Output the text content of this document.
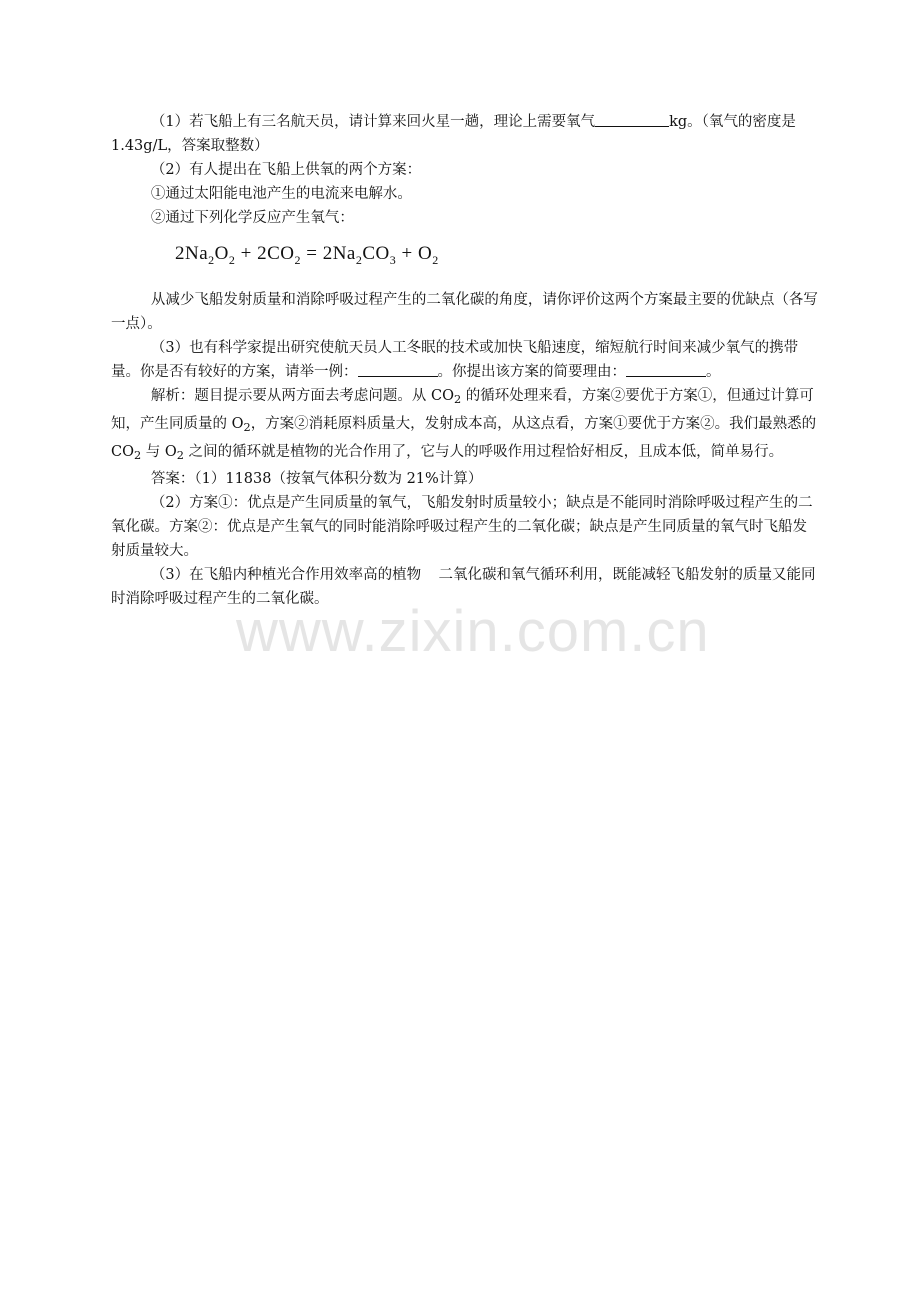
（1）若飞船上有三名航天员，请计算来回火星一趟，理论上需要氧气	kg。（氧气的密度是 1.43g/L，答案取整数）

（2）有人提出在飞船上供氧的两个方案：

①通过太阳能电池产生的电流来电解水。

②通过下列化学反应产生氧气：

$2Na_2O_2 + 2CO_2 = 2Na_2CO_3 + O_2$

从减少飞船发射质量和消除呼吸过程产生的二氧化碳的角度，请你评价这两个方案最主要的优缺点（各写一点）。

（3）也有科学家提出研究使航天员人工冬眠的技术或加快飞船速度，缩短航行时间来减少氧气的携带量。你是否有较好的方案，请举一例：	。你提出该方案的简要理由：	。

解析：题目提示要从两方面去考虑问题。从 $CO_2$ 的循环处理来看，方案②要优于方案①，但通过计算可知，产生同质量的 $O_2$，方案②消耗原料质量大，发射成本高，从这点看，方案①要优于方案②。我们最熟悉的 $CO_2$ 与 $O_2$ 之间的循环就是植物的光合作用了，它与人的呼吸作用过程恰好相反，且成本低，简单易行。

答案：（1）11838（按氧气体积分数为 21%计算）

（2）方案①：优点是产生同质量的氧气，飞船发射时质量较小；缺点是不能同时消除呼吸过程产生的二氧化碳。方案②：优点是产生氧气的同时能消除呼吸过程产生的二氧化碳；缺点是产生同质量的氧气时飞船发射质量较大。

（3）在飞船内种植光合作用效率高的植物 二氧化碳和氧气循环利用，既能减轻飞船发射的质量又能同时消除呼吸过程产生的二氧化碳。

www.zixin.com.cn
